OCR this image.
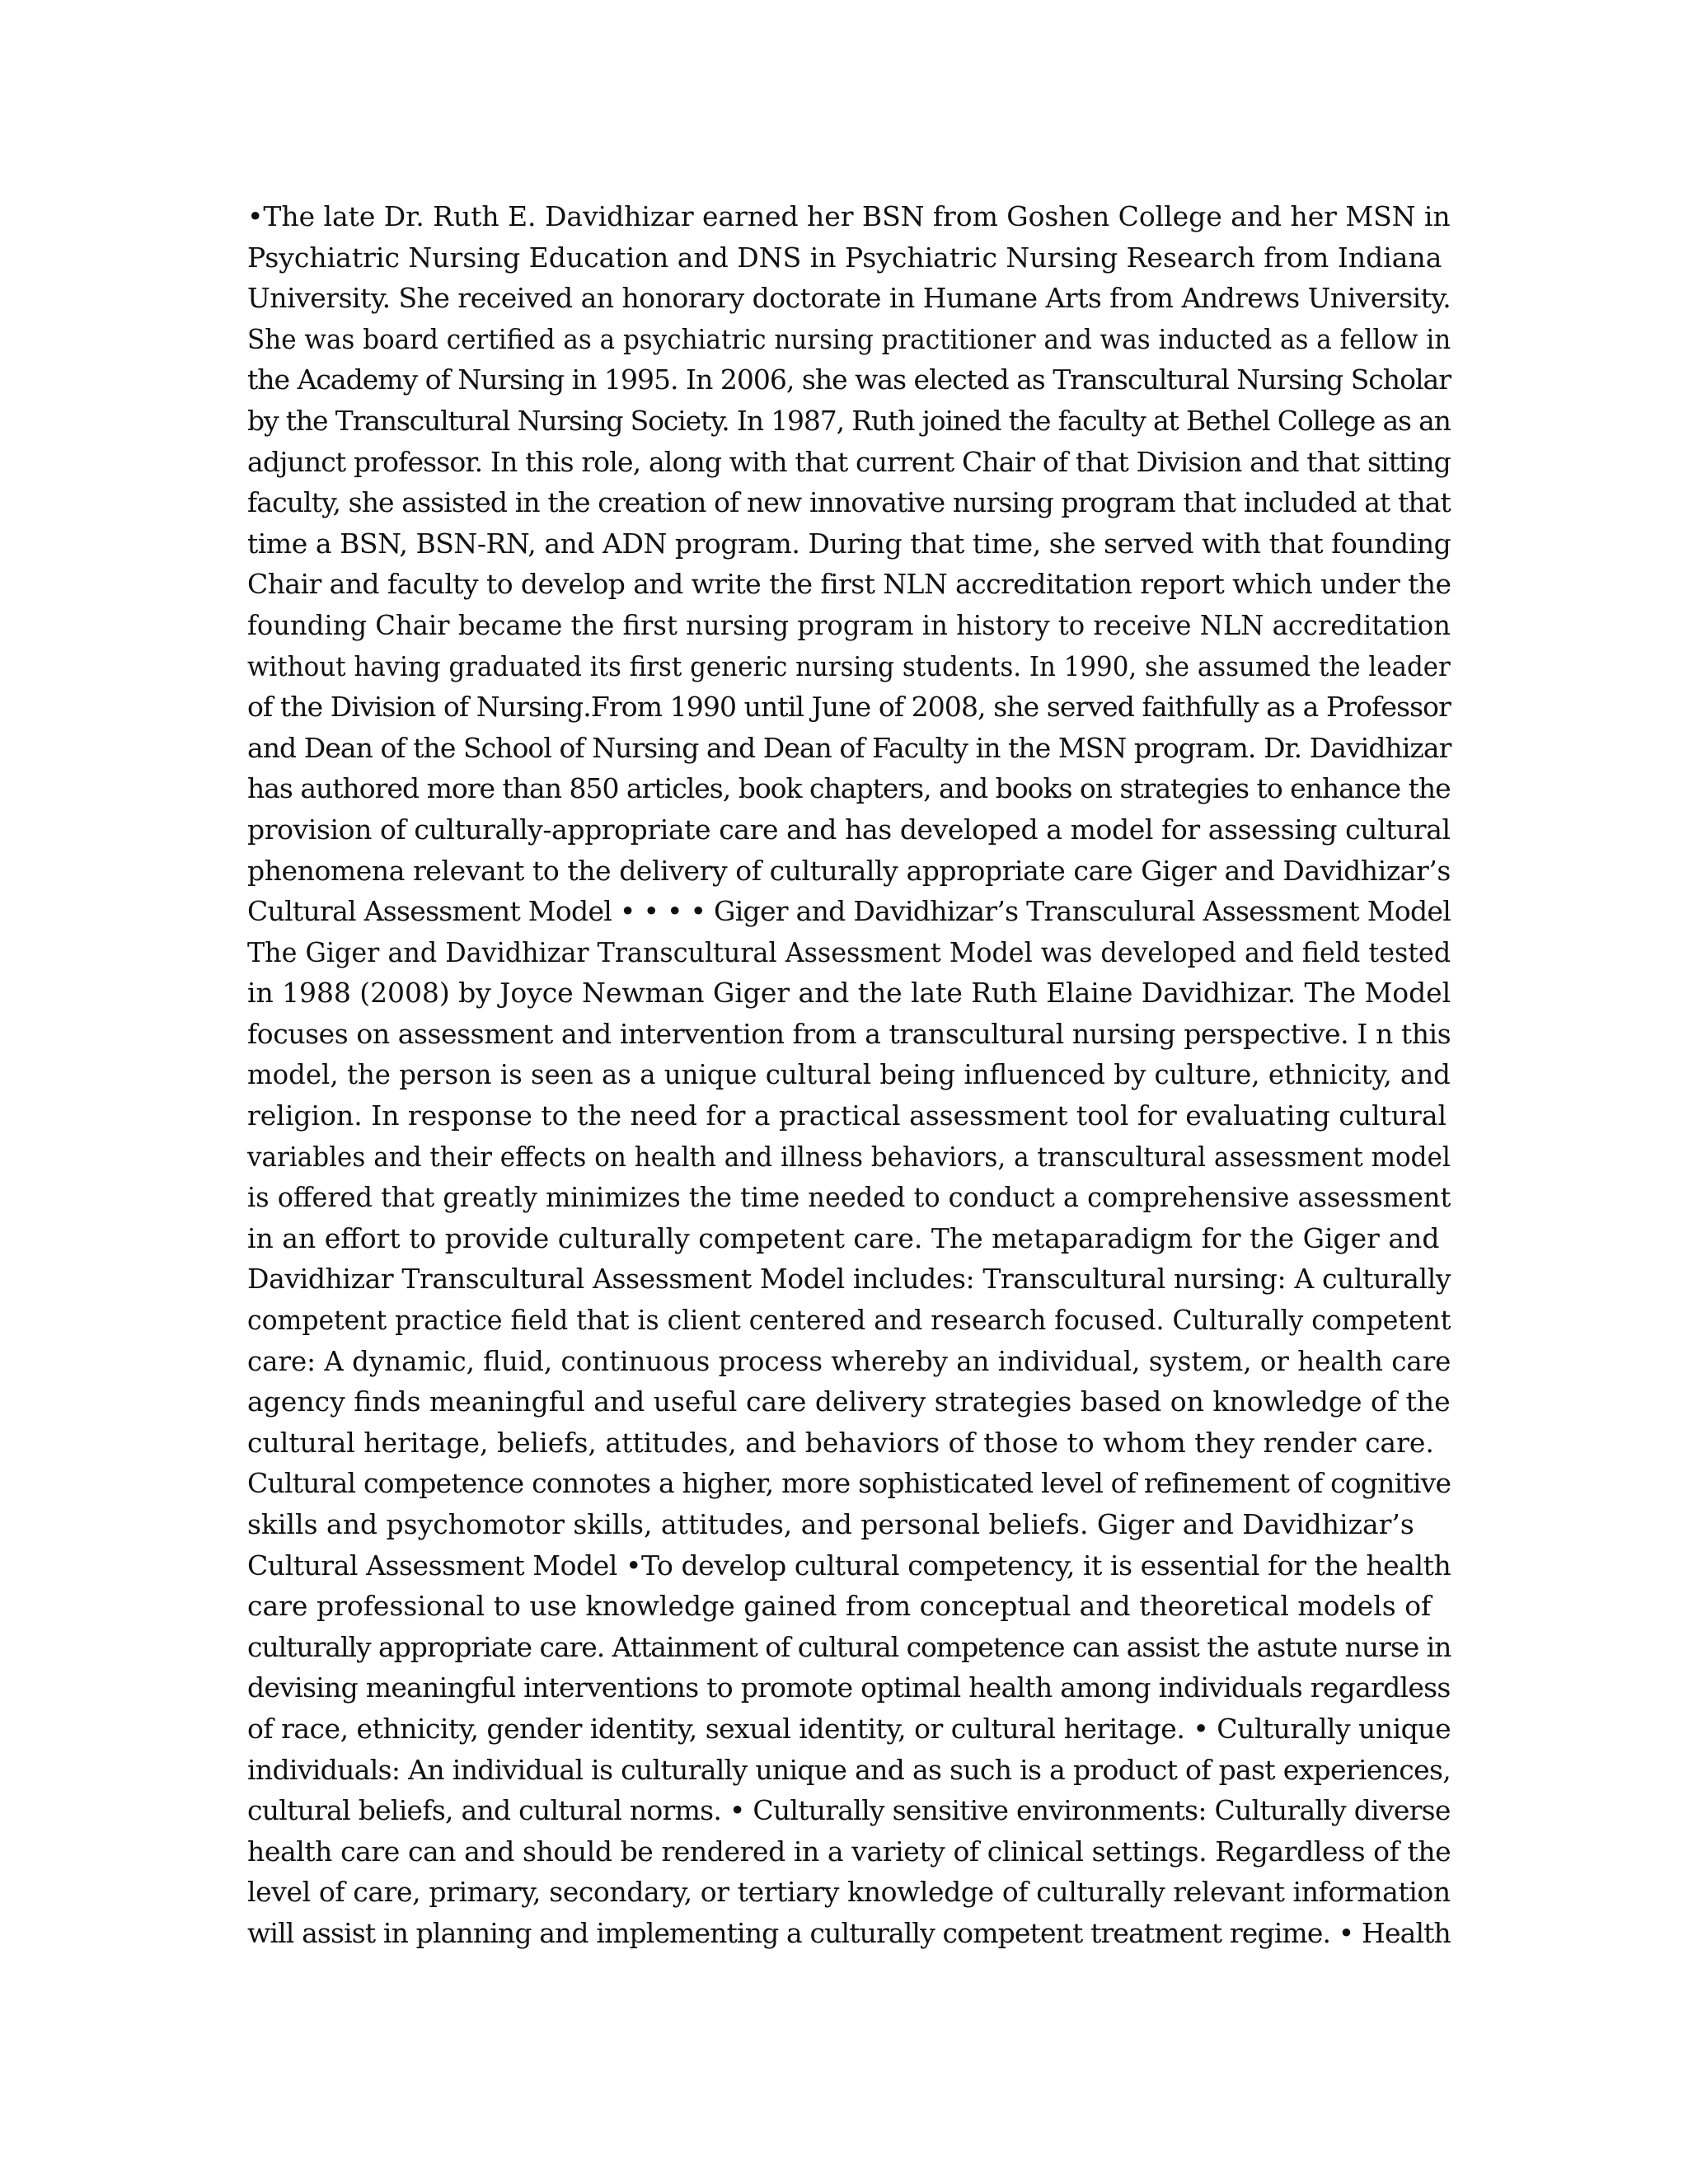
•The late Dr. Ruth E. Davidhizar earned her BSN from Goshen College and her MSN in
Psychiatric Nursing Education and DNS in Psychiatric Nursing Research from Indiana
University. She received an honorary doctorate in Humane Arts from Andrews University.
She was board certified as a psychiatric nursing practitioner and was inducted as a fellow in
the Academy of Nursing in 1995. In 2006, she was elected as Transcultural Nursing Scholar
by the Transcultural Nursing Society. In 1987, Ruth joined the faculty at Bethel College as an
adjunct professor. In this role, along with that current Chair of that Division and that sitting
faculty, she assisted in the creation of new innovative nursing program that included at that
time a BSN, BSN-RN, and ADN program. During that time, she served with that founding
Chair and faculty to develop and write the first NLN accreditation report which under the
founding Chair became the first nursing program in history to receive NLN accreditation
without having graduated its first generic nursing students. In 1990, she assumed the leader
of the Division of Nursing.From 1990 until June of 2008, she served faithfully as a Professor
and Dean of the School of Nursing and Dean of Faculty in the MSN program. Dr. Davidhizar
has authored more than 850 articles, book chapters, and books on strategies to enhance the
provision of culturally-appropriate care and has developed a model for assessing cultural
phenomena relevant to the delivery of culturally appropriate care Giger and Davidhizar’s
Cultural Assessment Model • • • • Giger and Davidhizar’s Transculural Assessment Model
The Giger and Davidhizar Transcultural Assessment Model was developed and field tested
in 1988 (2008) by Joyce Newman Giger and the late Ruth Elaine Davidhizar. The Model
focuses on assessment and intervention from a transcultural nursing perspective. I n this
model, the person is seen as a unique cultural being influenced by culture, ethnicity, and
religion. In response to the need for a practical assessment tool for evaluating cultural
variables and their effects on health and illness behaviors, a transcultural assessment model
is offered that greatly minimizes the time needed to conduct a comprehensive assessment
in an effort to provide culturally competent care. The metaparadigm for the Giger and
Davidhizar Transcultural Assessment Model includes: Transcultural nursing: A culturally
competent practice field that is client centered and research focused. Culturally competent
care: A dynamic, fluid, continuous process whereby an individual, system, or health care
agency finds meaningful and useful care delivery strategies based on knowledge of the
cultural heritage, beliefs, attitudes, and behaviors of those to whom they render care.
Cultural competence connotes a higher, more sophisticated level of refinement of cognitive
skills and psychomotor skills, attitudes, and personal beliefs. Giger and Davidhizar’s
Cultural Assessment Model •To develop cultural competency, it is essential for the health
care professional to use knowledge gained from conceptual and theoretical models of
culturally appropriate care. Attainment of cultural competence can assist the astute nurse in
devising meaningful interventions to promote optimal health among individuals regardless
of race, ethnicity, gender identity, sexual identity, or cultural heritage. • Culturally unique
individuals: An individual is culturally unique and as such is a product of past experiences,
cultural beliefs, and cultural norms. • Culturally sensitive environments: Culturally diverse
health care can and should be rendered in a variety of clinical settings. Regardless of the
level of care, primary, secondary, or tertiary knowledge of culturally relevant information
will assist in planning and implementing a culturally competent treatment regime. • Health
